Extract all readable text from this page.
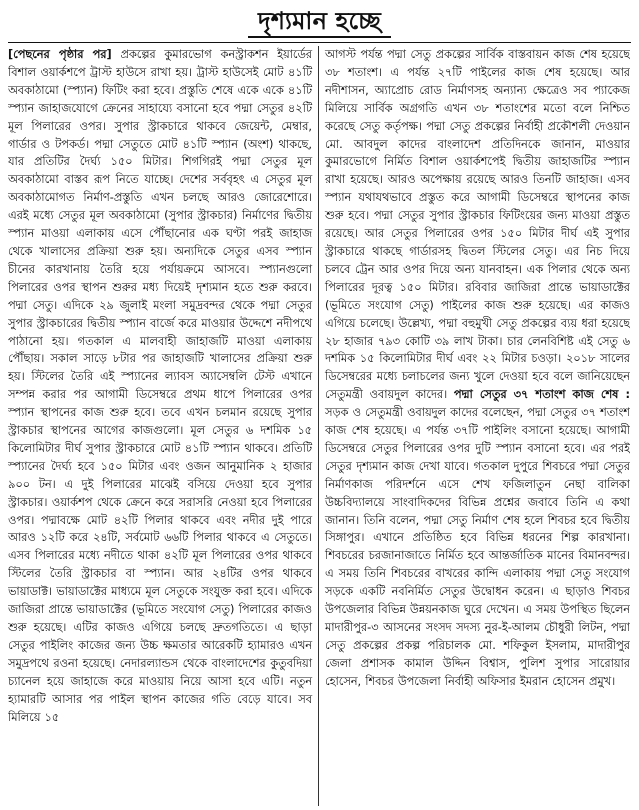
দৃশ্যমান হচ্ছে

[পেছনের পৃষ্ঠার পর] প্রকল্পের কুমারভোগ কনস্ট্রাকশন ইয়ার্ডের বিশাল ওয়ার্কশপে ট্রাস্ট হাউসে রাখা হয়। ট্রাস্ট হাউসেই মোট ৪১টি অবকাঠামো (স্প্যান) ফিটিং করা হবে। প্রস্তুতি শেষে একে একে ৪১টি স্প্যান জাহাজযোগে ক্রেনের সাহায্যে বসানো হবে পদ্মা সেতুর ৪২টি মূল পিলারের ওপর। সুপার স্ট্রাকচারে থাকবে জেয়েন্ট, মেম্বার, গার্ডার ও টপকর্ড। পদ্মা সেতুতে মোট ৪১টি স্প্যান (অংশ) থাকছে, যার প্রতিটির দৈর্ঘ্য ১৫০ মিটার। শিগগিরই পদ্মা সেতুর মূল অবকাঠামো বাস্তব রূপ নিতে যাচ্ছে। দেশের সর্ববৃহৎ এ সেতুর মূল অবকাঠামোগত নির্মাণ-প্রস্তুতি এখন চলছে আরও জোরেশোরে। এরই মধ্যে সেতুর মূল অবকাঠামো (সুপার স্ট্রাকচার) নির্মাণের দ্বিতীয় স্প্যান মাওয়া এলাকায় এসে পৌঁছানোর এক ঘণ্টা পরই জাহাজ থেকে খালাসের প্রক্রিয়া শুরু হয়। অন্যদিকে সেতুর এসব স্প্যান চীনের কারখানায় তৈরি হয়ে পর্যায়ক্রমে আসবে। স্প্যানগুলো পিলারের ওপর স্থাপন শুরুর মধ্য দিয়েই দৃশ্যমান হতে শুরু করবে। পদ্মা সেতু। এদিকে ২৯ জুলাই মংলা সমুদ্রবন্দর থেকে পদ্মা সেতুর সুপার স্ট্রাকচারের দ্বিতীয় স্প্যান বার্জে করে মাওয়ার উদ্দেশে নদীপথে পাঠানো হয়। গতকাল এ মালবাহী জাহাজটি মাওয়া এলাকায় পৌঁছায়। সকাল সাড়ে ৮টার পর জাহাজটি খালাসের প্রক্রিয়া শুরু হয়। স্টিলের তৈরি এই স্প্যানের ল্যাবস অ্যাসেম্বলি টেস্ট এখানে সম্পন্ন করার পর আগামী ডিসেম্বরে প্রথম ধাপে পিলারের ওপর স্প্যান স্থাপনের কাজ শুরু হবে। তবে এখন চলমান রয়েছে সুপার স্ট্রাকচার স্থাপনের আগের কাজগুলো। মূল সেতুর ৬ দশমিক ১৫ কিলোমিটার দীর্ঘ সুপার স্ট্রাকচারে মোট ৪১টি স্প্যান থাকবে। প্রতিটি স্প্যানের দৈর্ঘ্য হবে ১৫০ মিটার এবং ওজন আনুমানিক ২ হাজার ৯০০ টন। এ দুই পিলারের মাঝেই বসিয়ে দেওয়া হবে সুপার স্ট্রাকচার। ওয়ার্কশপ থেকে ক্রেনে করে সরাসরি নেওয়া হবে পিলারের ওপর। পদ্মাবক্ষে মোট ৪২টি পিলার থাকবে এবং নদীর দুই পারে আরও ১২টি করে ২৪টি, সর্বমোট ৬৬টি পিলার থাকবে এ সেতুতে। এসব পিলারের মধ্যে নদীতে থাকা ৪২টি মূল পিলারের ওপর থাকবে স্টিলের তৈরি স্ট্রাকচার বা স্প্যান। আর ২৪টির ওপর থাকবে ভায়াডাক্ট। ভায়াডাক্টের মাধ্যমে মূল সেতুকে সংযুক্ত করা হবে। এদিকে জাজিরা প্রান্তে ভায়াডাক্টের (ভূমিতে সংযোগ সেতু) পিলারের কাজও শুরু হয়েছে। এটির কাজও এগিয়ে চলছে দ্রুতগতিতে। এ ছাড়া সেতুর পাইলিং কাজের জন্য উচ্চ ক্ষমতার আরেকটি হ্যামারও এখন সমুদ্রপথে রওনা হয়েছে। নেদারল্যান্ডস থেকে বাংলাদেশের কুতুবদিয়া চ্যানেল হয়ে জাহাজে করে মাওয়ায় নিয়ে আসা হবে এটি। নতুন হ্যামারটি আসার পর পাইল স্থাপন কাজের গতি বেড়ে যাবে। সব মিলিয়ে ১৫

আগস্ট পর্যন্ত পদ্মা সেতু প্রকল্পের সার্বিক বাস্তবায়ন কাজ শেষ হয়েছে ৩৮ শতাংশ। এ পর্যন্ত ২৭টি পাইলের কাজ শেষ হয়েছে। আর নদীশাসন, অ্যাপ্রোচ রোড নির্মাণসহ অন্যান্য ক্ষেত্রেও সব প্যাকেজ মিলিয়ে সার্বিক অগ্রগতি এখন ৩৮ শতাংশের মতো বলে নিশ্চিত করেছে সেতু কর্তৃপক্ষ। পদ্মা সেতু প্রকল্পের নির্বাহী প্রকৌশলী দেওয়ান মো. আবদুল কাদের বাংলাদেশ প্রতিদিনকে জানান, মাওয়ার কুমারভোগে নির্মিত বিশাল ওয়ার্কশপেই দ্বিতীয় জাহাজটির স্প্যান রাখা হয়েছে। আরও অপেক্ষায় রয়েছে আরও তিনটি জাহাজ। এসব স্প্যান যথাযথভাবে প্রস্তুত করে আগামী ডিসেম্বরে স্থাপনের কাজ শুরু হবে। পদ্মা সেতুর সুপার স্ট্রাকচার ফিটিংয়ের জন্য মাওয়া প্রস্তুত রয়েছে। আর সেতুর পিলারের ওপর ১৫০ মিটার দীর্ঘ এই সুপার স্ট্রাকচারে থাকছে গার্ডারসহ দ্বিতল স্টিলের সেতু। এর নিচ দিয়ে চলবে ট্রেন আর ওপর দিয়ে অন্য যানবাহন। এক পিলার থেকে অন্য পিলারের দূরত্ব ১৫০ মিটার। রবিবার জাজিরা প্রান্তে ভায়াডাক্টের (ভূমিতে সংযোগ সেতু) পাইলের কাজ শুরু হয়েছে। এর কাজও এগিয়ে চলেছে। উল্লেখ্য, পদ্মা বহুমুখী সেতু প্রকল্পের ব্যয় ধরা হয়েছে ২৮ হাজার ৭৯৩ কোটি ৩৯ লাখ টাকা। চার লেনবিশিষ্ট এই সেতু ৬ দশমিক ১৫ কিলোমিটার দীর্ঘ এবং ২২ মিটার চওড়া। ২০১৮ সালের ডিসেম্বরের মধ্যে চলাচলের জন্য খুলে দেওয়া হবে বলে জানিয়েছেন সেতুমন্ত্রী ওবায়দুল কাদের। পদ্মা সেতুর ৩৭ শতাংশ কাজ শেষ : সড়ক ও সেতুমন্ত্রী ওবায়দুল কাদের বলেছেন, পদ্মা সেতুর ৩৭ শতাংশ কাজ শেষ হয়েছে। এ পর্যন্ত ৩৭টি পাইলিং বসানো হয়েছে। আগামী ডিসেম্বরে সেতুর পিলারের ওপর দুটি স্প্যান বসানো হবে। এর পরই সেতুর দৃশ্যমান কাজ দেখা যাবে। গতকাল দুপুরে শিবচরে পদ্মা সেতুর নির্মাণকাজ পরিদর্শনে এসে শেখ ফজিলাতুন নেছা বালিকা উচ্চবিদ্যালয়ে সাংবাদিকদের বিভিন্ন প্রশ্নের জবাবে তিনি এ কথা জানান। তিনি বলেন, পদ্মা সেতু নির্মাণ শেষ হলে শিবচর হবে দ্বিতীয় সিঙ্গাপুর। এখানে প্রতিষ্ঠিত হবে বিভিন্ন ধরনের শিল্প কারখানা। শিবচরের চরজানাজাতে নির্মিত হবে আন্তর্জাতিক মানের বিমানবন্দর। এ সময় তিনি শিবচরের বাখরের কান্দি এলাকায় পদ্মা সেতু সংযোগ সড়কে একটি নবনির্মিত সেতুর উদ্বোধন করেন। এ ছাড়াও শিবচর উপজেলার বিভিন্ন উন্নয়নকাজ ঘুরে দেখেন। এ সময় উপস্থিত ছিলেন মাদারীপুর-৩ আসনের সংসদ সদস্য নুর-ই-আলম চৌধুরী লিটন, পদ্মা সেতু প্রকল্পের প্রকল্প পরিচালক মো. শফিকুল ইসলাম, মাদারীপুর জেলা প্রশাসক কামাল উদ্দিন বিশ্বাস, পুলিশ সুপার সারোয়ার হোসেন, শিবচর উপজেলা নির্বাহী অফিসার ইমরান হোসেন প্রমুখ।
